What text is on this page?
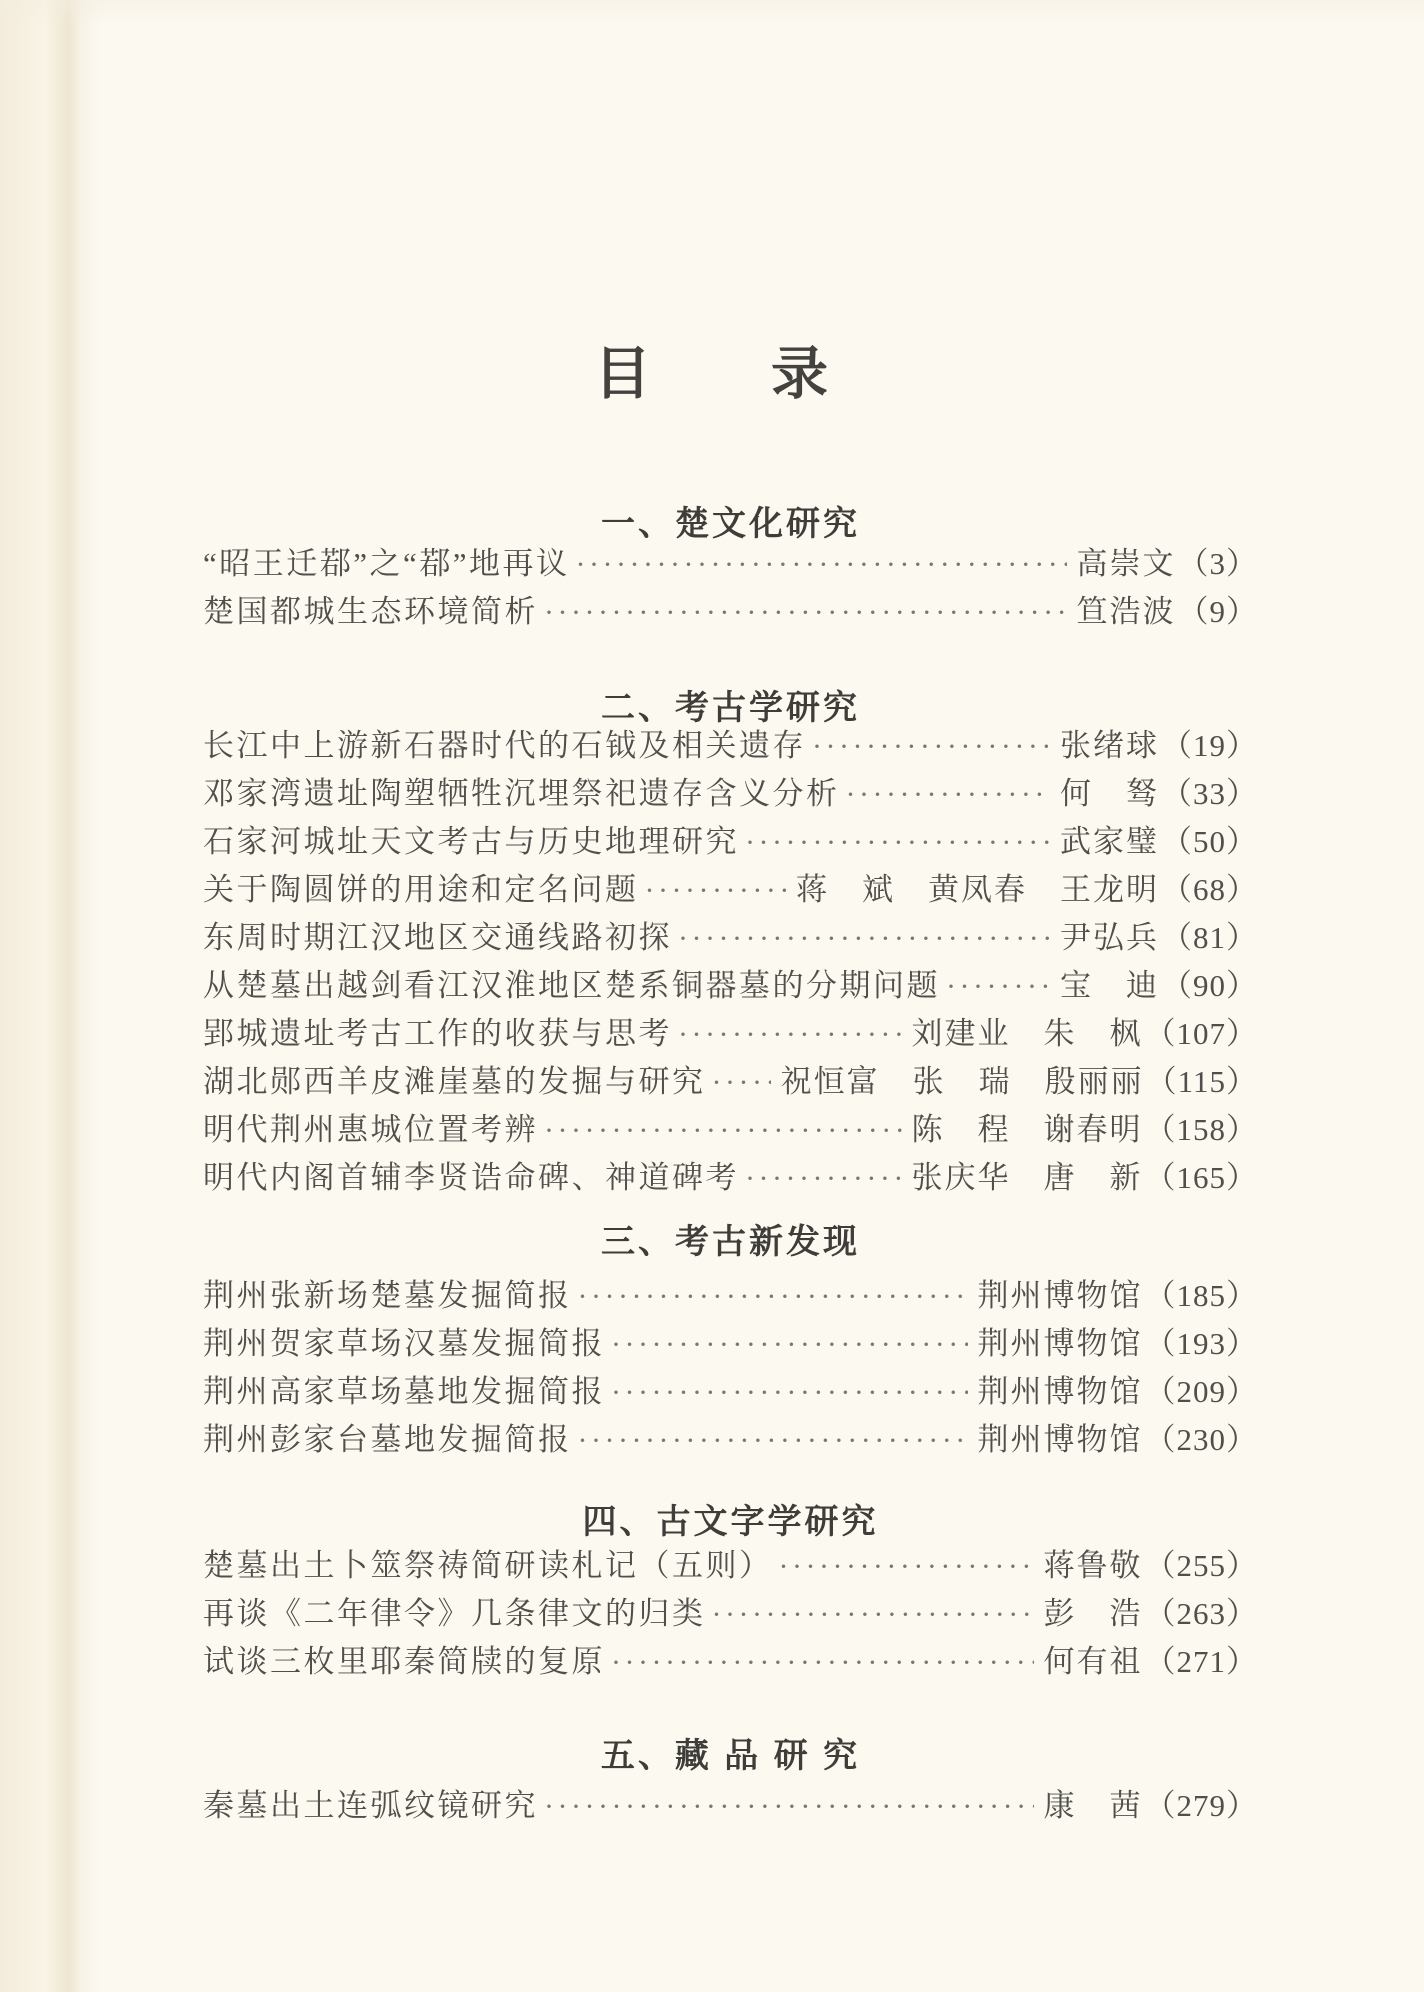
目　　录
一、楚文化研究
“昭王迁鄀”之“鄀”地再议 ·····	高崇文 （3）
楚国都城生态环境简析 ·····	笪浩波 （9）
二、考古学研究
长江中上游新石器时代的石钺及相关遗存 ·····	张绪球 （19）
邓家湾遗址陶塑牺牲沉埋祭祀遗存含义分析 ·····	何　驽 （33）
石家河城址天文考古与历史地理研究 ·····	武家璧 （50）
关于陶圆饼的用途和定名问题 ·····	蒋　斌　黄凤春　王龙明 （68）
东周时期江汉地区交通线路初探 ·····	尹弘兵 （81）
从楚墓出越剑看江汉淮地区楚系铜器墓的分期问题 ·····	宝　迪 （90）
郢城遗址考古工作的收获与思考 ·····	刘建业　朱　枫 （107）
湖北郧西羊皮滩崖墓的发掘与研究 ····· 祝恒富　张　瑞　殷丽丽 （115）
明代荆州惠城位置考辨 ·····	陈　程　谢春明 （158）
明代内阁首辅李贤诰命碑、神道碑考 ·····	张庆华　唐　新 （165）
三、考古新发现
荆州张新场楚墓发掘简报 ·····	荆州博物馆 （185）
荆州贺家草场汉墓发掘简报 ·····	荆州博物馆 （193）
荆州高家草场墓地发掘简报 ·····	荆州博物馆 （209）
荆州彭家台墓地发掘简报 ·····	荆州博物馆 （230）
四、古文字学研究
楚墓出土卜筮祭祷简研读札记（五则） ·····	蒋鲁敬 （255）
再谈《二年律令》几条律文的归类 ·····	彭　浩 （263）
试谈三枚里耶秦简牍的复原 ·····	何有祖 （271）
五、藏 品 研 究
秦墓出土连弧纹镜研究 ·····	康　茜 （279）
